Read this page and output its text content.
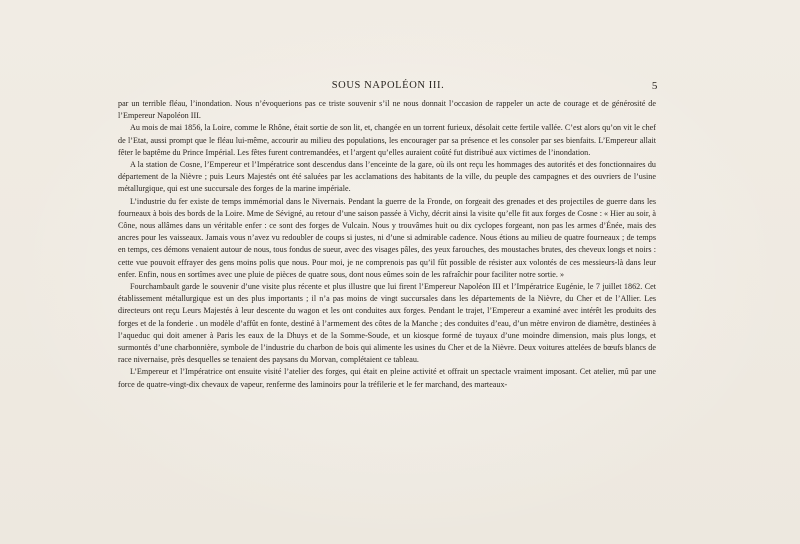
SOUS NAPOLÉON III.	5

par un terrible fléau, l’inondation. Nous n’évoquerions pas ce triste souvenir s’il ne nous donnait l’occasion de rappeler un acte de courage et de générosité de l’Empereur Napoléon III.

Au mois de mai 1856, la Loire, comme le Rhône, était sortie de son lit, et, changée en un torrent furieux, désolait cette fertile vallée. C’est alors qu’on vit le chef de l’Etat, aussi prompt que le fléau lui-même, accourir au milieu des populations, les encourager par sa présence et les consoler par ses bienfaits. L’Empereur allait fêter le baptême du Prince Impérial. Les fêtes furent contremandées, et l’argent qu’elles auraient coûté fut distribué aux victimes de l’inondation.

A la station de Cosne, l’Empereur et l’Impératrice sont descendus dans l’enceinte de la gare, où ils ont reçu les hommages des autorités et des fonctionnaires du département de la Nièvre ; puis Leurs Majestés ont été saluées par les acclamations des habitants de la ville, du peuple des campagnes et des ouvriers de l’usine métallurgique, qui est une succursale des forges de la marine impériale.

L’industrie du fer existe de temps immémorial dans le Nivernais. Pendant la guerre de la Fronde, on forgeait des grenades et des projectiles de guerre dans les fourneaux à bois des bords de la Loire. Mme de Sévigné, au retour d’une saison passée à Vichy, décrit ainsi la visite qu’elle fit aux forges de Cosne : « Hier au soir, à Cône, nous allâmes dans un véritable enfer : ce sont des forges de Vulcain. Nous y trouvâmes huit ou dix cyclopes forgeant, non pas les armes d’Énée, mais des ancres pour les vaisseaux. Jamais vous n’avez vu redoubler de coups si justes, ni d’une si admirable cadence. Nous étions au milieu de quatre fourneaux ; de temps en temps, ces démons venaient autour de nous, tous fondus de sueur, avec des visages pâles, des yeux farouches, des moustaches brutes, des cheveux longs et noirs : cette vue pouvoit effrayer des gens moins polis que nous. Pour moi, je ne comprenois pas qu’il fût possible de résister aux volontés de ces messieurs-là dans leur enfer. Enfin, nous en sortîmes avec une pluie de pièces de quatre sous, dont nous eûmes soin de les rafraîchir pour faciliter notre sortie. »

Fourchambault garde le souvenir d’une visite plus récente et plus illustre que lui firent l’Empereur Napoléon III et l’Impératrice Eugénie, le 7 juillet 1862. Cet établissement métallurgique est un des plus importants ; il n’a pas moins de vingt succursales dans les départements de la Nièvre, du Cher et de l’Allier. Les directeurs ont reçu Leurs Majestés à leur descente du wagon et les ont conduites aux forges. Pendant le trajet, l’Empereur a examiné avec intérêt les produits des forges et de la fonderie . un modèle d’affût en fonte, destiné à l’armement des côtes de la Manche ; des conduites d’eau, d’un mètre environ de diamètre, destinées à l’aqueduc qui doit amener à Paris les eaux de la Dhuys et de la Somme-Soude, et un kiosque formé de tuyaux d’une moindre dimension, mais plus longs, et surmontés d’une charbonnière, symbole de l’industrie du charbon de bois qui alimente les usines du Cher et de la Nièvre. Deux voitures attelées de bœufs blancs de race nivernaise, près desquelles se tenaient des paysans du Morvan, complétaient ce tableau.

L’Empereur et l’Impératrice ont ensuite visité l’atelier des forges, qui était en pleine activité et offrait un spectacle vraiment imposant. Cet atelier, mû par une force de quatre-vingt-dix chevaux de vapeur, renferme des laminoirs pour la tréfilerie et le fer marchand, des marteaux-
